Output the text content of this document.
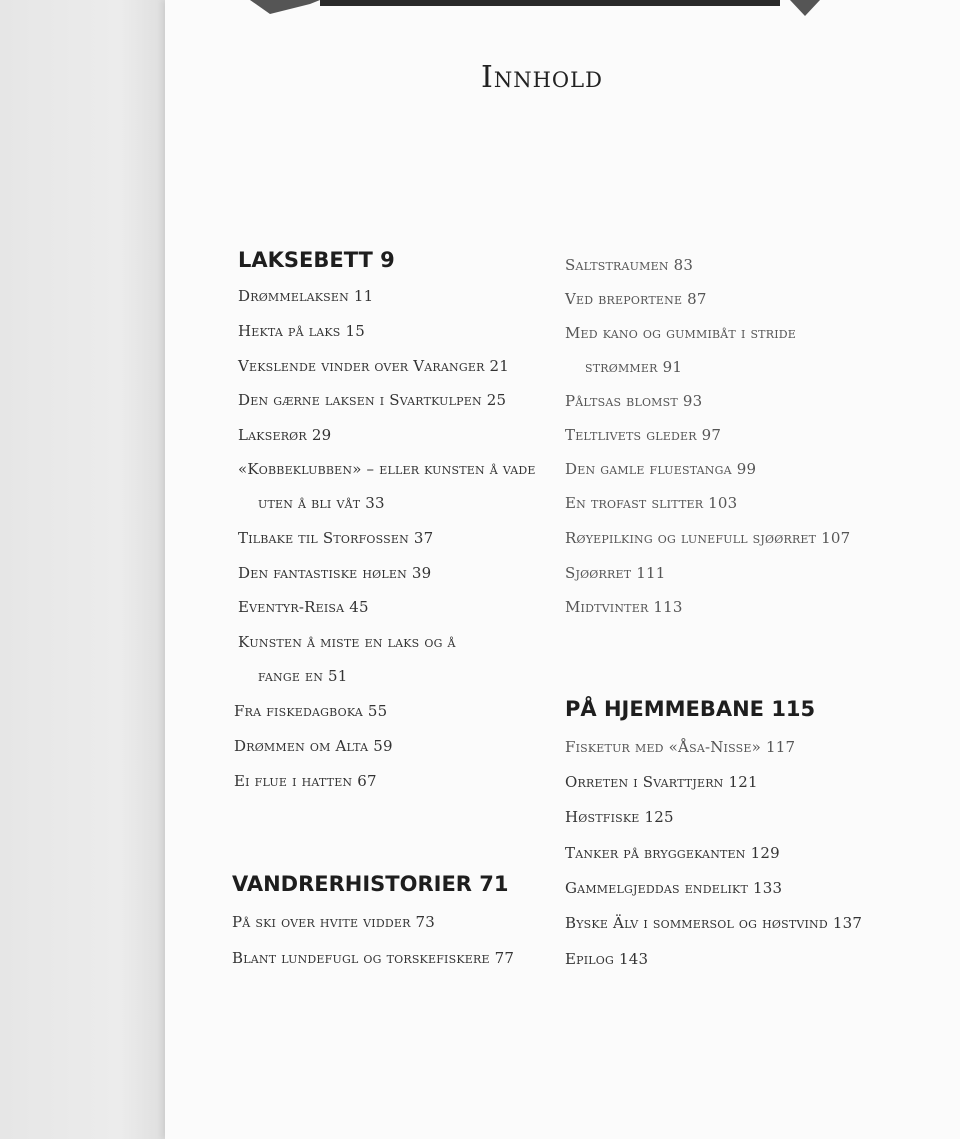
Innhold
LAKSEBETT 9
Drømmelaksen 11
Hekta på laks 15
Vekslende vinder over Varanger 21
Den gærne laksen i Svartkulpen 25
Lakserør 29
«Kobbeklubben» – eller kunsten å vade
uten å bli våt 33
Tilbake til Storfossen 37
Den fantastiske hølen 39
Eventyr-Reisa 45
Kunsten å miste en laks og å
fange en 51
Fra fiskedagboka 55
Drømmen om Alta 59
Ei flue i hatten 67
VANDRERHISTORIER 71
På ski over hvite vidder 73
Blant lundefugl og torskefiskere 77
Saltstraumen 83
Ved breportene 87
Med kano og gummibåt i stride
strømmer 91
Påltsas blomst 93
Teltlivets gleder 97
Den gamle fluestanga 99
En trofast slitter 103
Røyepilking og lunefull sjøørret 107
Sjøørret 111
Midtvinter 113
PÅ HJEMMEBANE 115
Fisketur med «Åsa-Nisse» 117
Orreten i Svarttjern 121
Høstfiske 125
Tanker på bryggekanten 129
Gammelgjeddas endelikt 133
Byske Älv i sommersol og høstvind 137
Epilog 143
